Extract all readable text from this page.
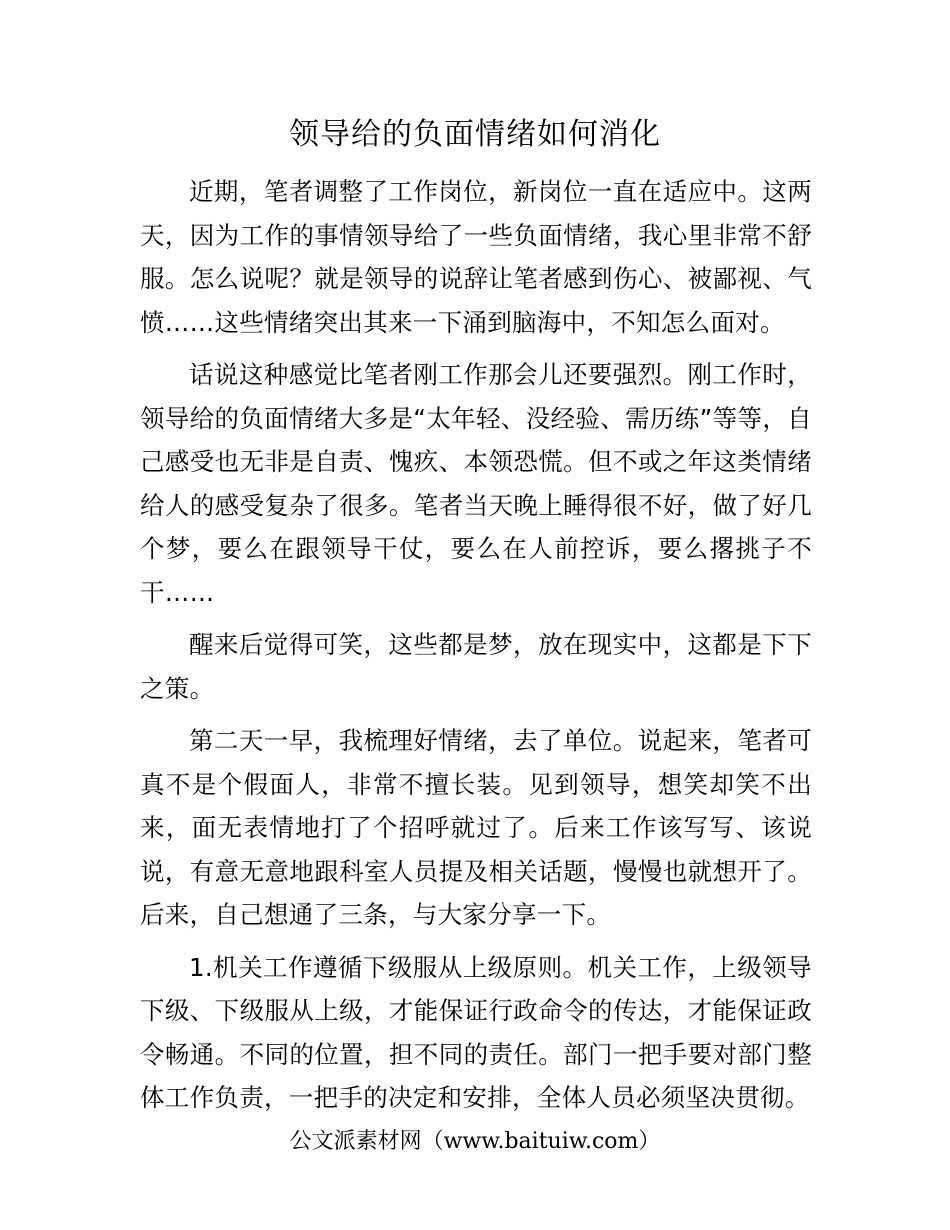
领导给的负面情绪如何消化

近期，笔者调整了工作岗位，新岗位一直在适应中。这两天，因为工作的事情领导给了一些负面情绪，我心里非常不舒服。怎么说呢？就是领导的说辞让笔者感到伤心、被鄙视、气愤……这些情绪突出其来一下涌到脑海中，不知怎么面对。

话说这种感觉比笔者刚工作那会儿还要强烈。刚工作时，领导给的负面情绪大多是“太年轻、没经验、需历练”等等，自己感受也无非是自责、愧疚、本领恐慌。但不或之年这类情绪给人的感受复杂了很多。笔者当天晚上睡得很不好，做了好几个梦，要么在跟领导干仗，要么在人前控诉，要么撂挑子不干……

醒来后觉得可笑，这些都是梦，放在现实中，这都是下下之策。

第二天一早，我梳理好情绪，去了单位。说起来，笔者可真不是个假面人，非常不擅长装。见到领导，想笑却笑不出来，面无表情地打了个招呼就过了。后来工作该写写、该说说，有意无意地跟科室人员提及相关话题，慢慢也就想开了。后来，自己想通了三条，与大家分享一下。

1.机关工作遵循下级服从上级原则。机关工作，上级领导下级、下级服从上级，才能保证行政命令的传达，才能保证政令畅通。不同的位置，担不同的责任。部门一把手要对部门整体工作负责，一把手的决定和安排，全体人员必须坚决贯彻。

公文派素材网（www.baituiw.com）
